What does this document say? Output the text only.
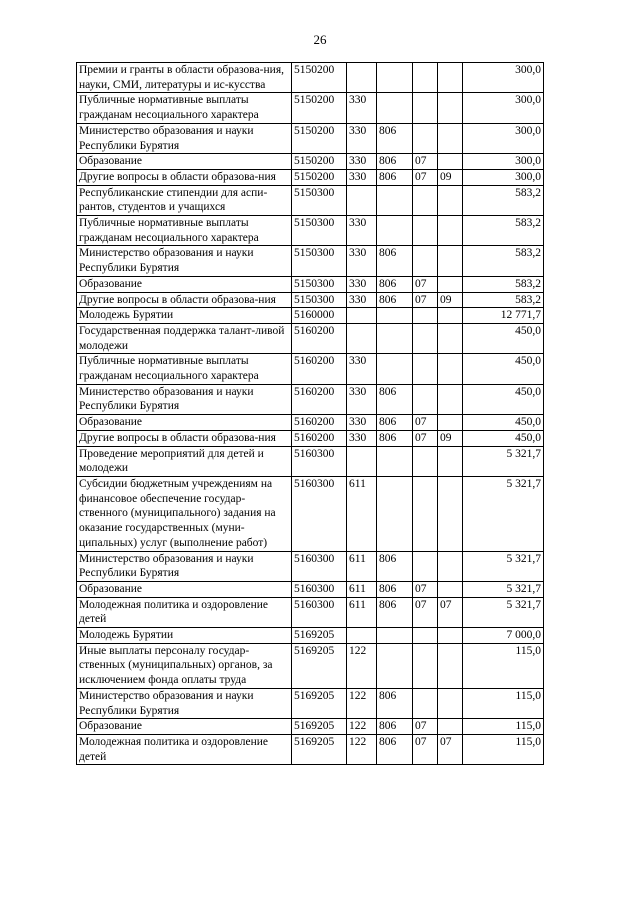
26
Премии и гранты в области образова-ния, науки, СМИ, литературы и ис-кусства	5150200					300,0
Публичные нормативные выплаты гражданам несоциального характера	5150200	330				300,0
Министерство образования и науки Республики Бурятия	5150200	330	806			300,0
Образование	5150200	330	806	07		300,0
Другие вопросы в области образова-ния	5150200	330	806	07	09	300,0
Республиканские стипендии для аспи-рантов, студентов и учащихся	5150300					583,2
Публичные нормативные выплаты гражданам несоциального характера	5150300	330				583,2
Министерство образования и науки Республики Бурятия	5150300	330	806			583,2
Образование	5150300	330	806	07		583,2
Другие вопросы в области образова-ния	5150300	330	806	07	09	583,2
Молодежь Бурятии	5160000					12 771,7
Государственная поддержка талант-ливой молодежи	5160200					450,0
Публичные нормативные выплаты гражданам несоциального характера	5160200	330				450,0
Министерство образования и науки Республики Бурятия	5160200	330	806			450,0
Образование	5160200	330	806	07		450,0
Другие вопросы в области образова-ния	5160200	330	806	07	09	450,0
Проведение мероприятий для детей и молодежи	5160300					5 321,7
Субсидии бюджетным учреждениям на финансовое обеспечение государ-ственного (муниципального) задания на оказание государственных (муни-ципальных) услуг (выполнение работ)	5160300	611				5 321,7
Министерство образования и науки Республики Бурятия	5160300	611	806			5 321,7
Образование	5160300	611	806	07		5 321,7
Молодежная политика и оздоровление детей	5160300	611	806	07	07	5 321,7
Молодежь Бурятии	5169205					7 000,0
Иные выплаты персоналу государ-ственных (муниципальных) органов, за исключением фонда оплаты труда	5169205	122				115,0
Министерство образования и науки Республики Бурятия	5169205	122	806			115,0
Образование	5169205	122	806	07		115,0
Молодежная политика и оздоровление детей	5169205	122	806	07	07	115,0
